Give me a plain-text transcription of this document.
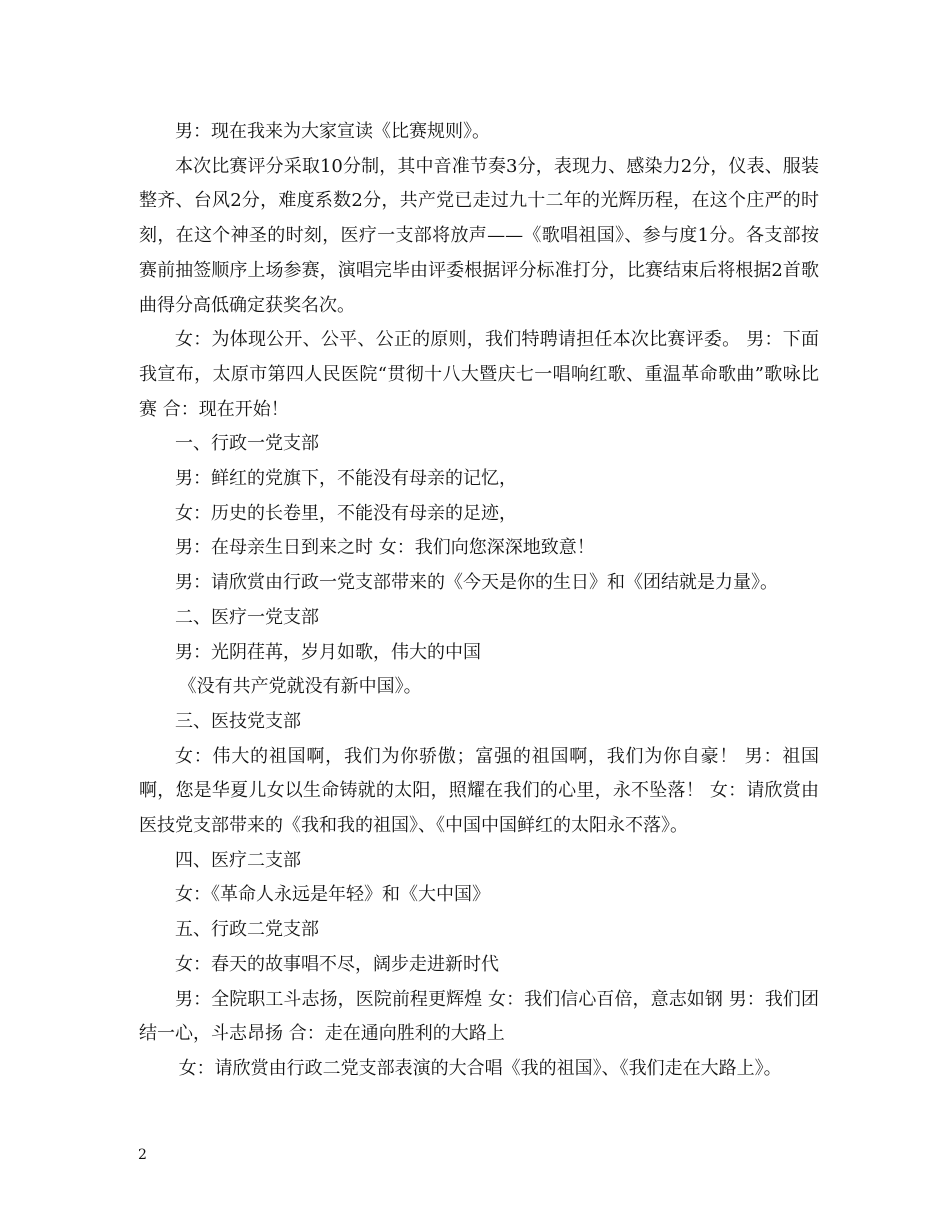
男：现在我来为大家宣读《比赛规则》。

本次比赛评分采取10分制，其中音准节奏3分，表现力、感染力2分，仪表、服装整齐、台风2分，难度系数2分，共产党已走过九十二年的光辉历程，在这个庄严的时刻，在这个神圣的时刻，医疗一支部将放声——《歌唱祖国》、参与度1分。各支部按赛前抽签顺序上场参赛，演唱完毕由评委根据评分标准打分，比赛结束后将根据2首歌曲得分高低确定获奖名次。

女：为体现公开、公平、公正的原则，我们特聘请担任本次比赛评委。 男：下面我宣布，太原市第四人民医院“贯彻十八大暨庆七一唱响红歌、重温革命歌曲”歌咏比赛 合：现在开始！

一、行政一党支部

男：鲜红的党旗下，不能没有母亲的记忆，

女：历史的长卷里，不能没有母亲的足迹，

男：在母亲生日到来之时 女：我们向您深深地致意！

男：请欣赏由行政一党支部带来的《今天是你的生日》和《团结就是力量》。

二、医疗一党支部

男：光阴荏苒，岁月如歌，伟大的中国

《没有共产党就没有新中国》。

三、医技党支部

女：伟大的祖国啊，我们为你骄傲；富强的祖国啊，我们为你自豪！ 男：祖国啊，您是华夏儿女以生命铸就的太阳，照耀在我们的心里，永不坠落！ 女：请欣赏由医技党支部带来的《我和我的祖国》、《中国中国鲜红的太阳永不落》。

四、医疗二支部

女：《革命人永远是年轻》和《大中国》

五、行政二党支部

女：春天的故事唱不尽，阔步走进新时代

男：全院职工斗志扬，医院前程更辉煌 女：我们信心百倍，意志如钢 男：我们团结一心，斗志昂扬 合：走在通向胜利的大路上

女：请欣赏由行政二党支部表演的大合唱《我的祖国》、《我们走在大路上》。

2
